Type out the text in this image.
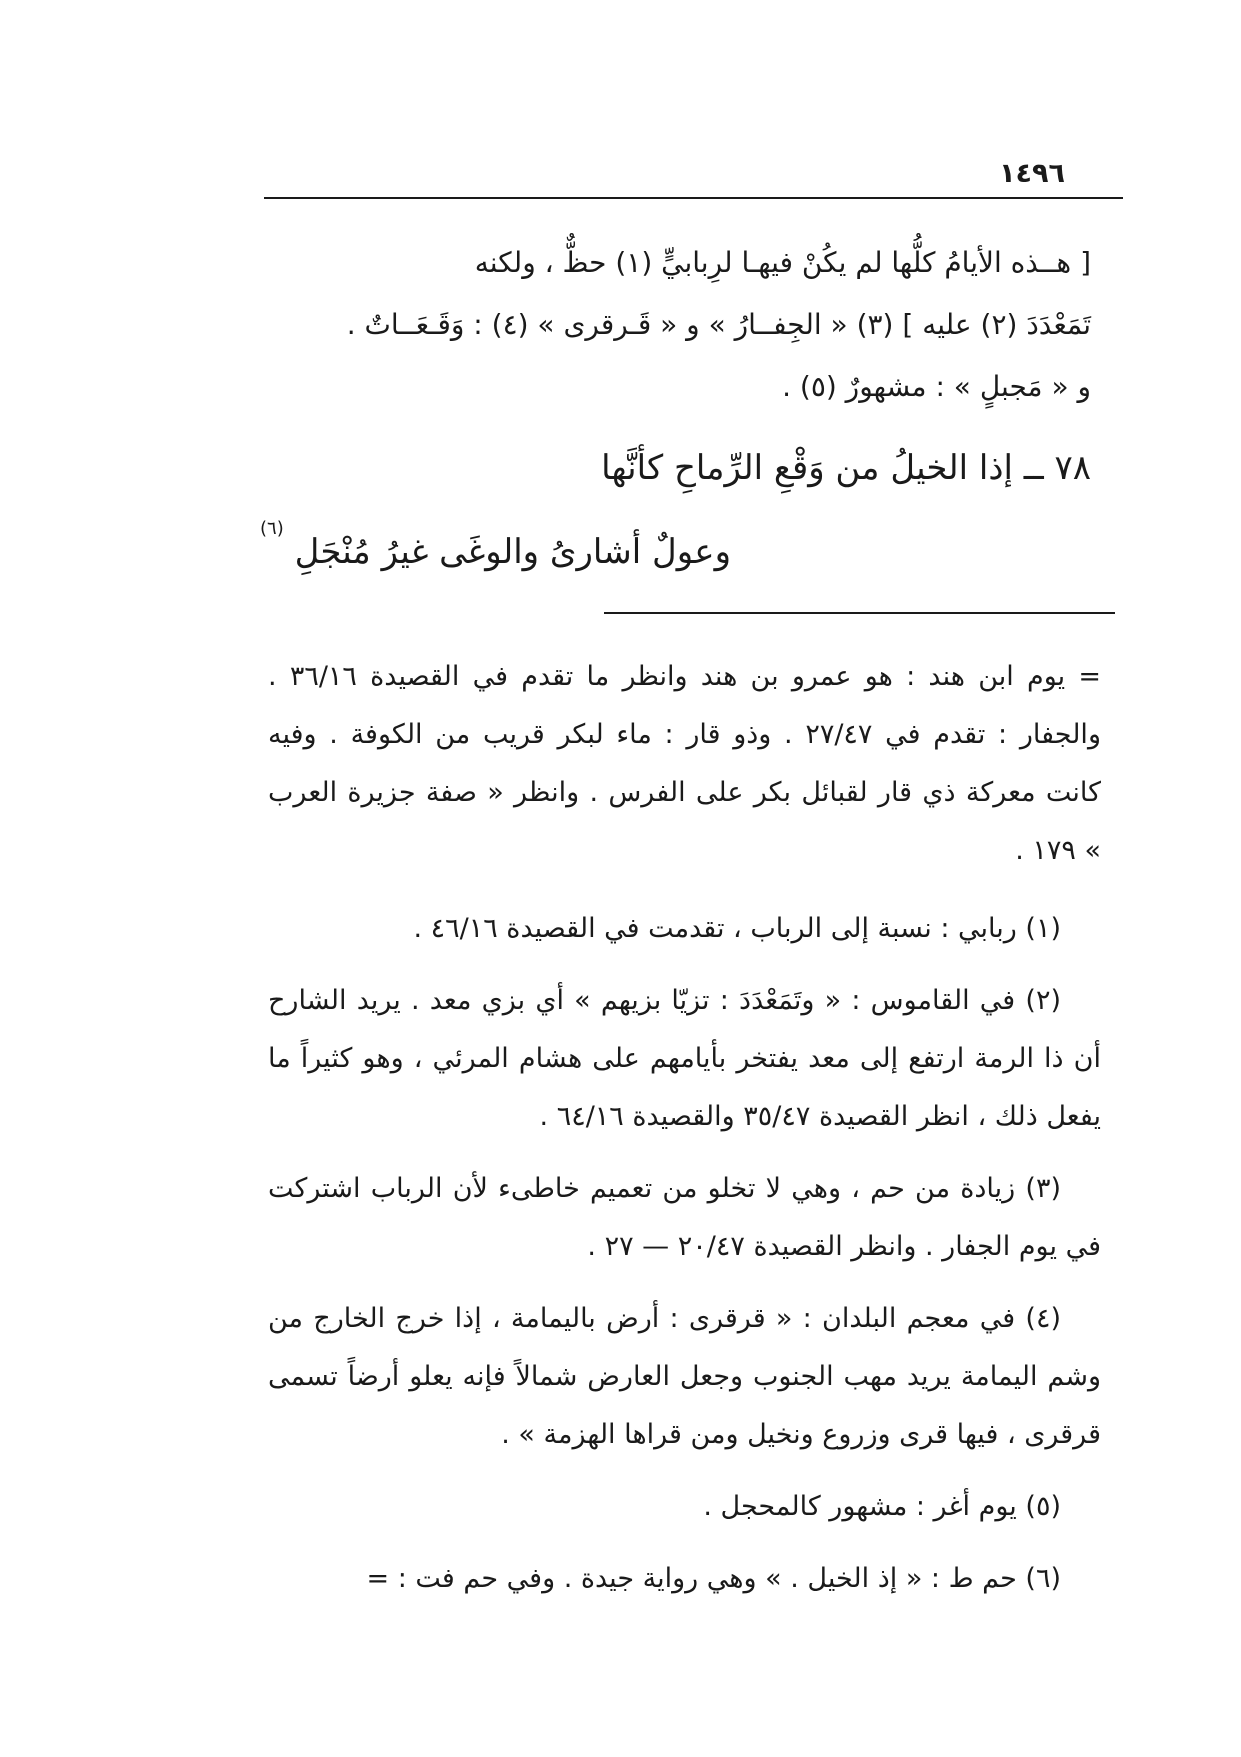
١٤٩٦

[ هــذه الأيامُ كلُّها لم يكُنْ فيهـا لرِبابيٍّ (١) حظٌّ ، ولكنه

تَمَعْدَدَ (٢) عليه ] (٣) « الجِفــارُ » و « قَـرقرى » (٤) : وَقَـعَــاتٌ .

و « مَجبلٍ » : مشهورٌ (٥) .

٧٨ ــ إذا الخيلُ من وَقْعِ الرِّماحِ كأنَّها
وعولٌ أشارىُ والوغَى غيرُ مُنْجَلِ
(٦)

= يوم ابن هند : هو عمرو بن هند وانظر ما تقدم في القصيدة ٣٦/١٦ . والجفار : تقدم في ٢٧/٤٧ . وذو قار : ماء لبكر قريب من الكوفة . وفيه كانت معركة ذي قار لقبائل بكر على الفرس . وانظر « صفة جزيرة العرب » ١٧٩ .

(١) ربابي : نسبة إلى الرباب ، تقدمت في القصيدة ٤٦/١٦ .

(٢) في القاموس : « وتَمَعْدَدَ : تزيّا بزيهم » أي بزي معد . يريد الشارح أن ذا الرمة ارتفع إلى معد يفتخر بأيامهم على هشام المرئي ، وهو كثيراً ما يفعل ذلك ، انظر القصيدة ٣٥/٤٧ والقصيدة ٦٤/١٦ .

(٣) زيادة من حم ، وهي لا تخلو من تعميم خاطىء لأن الرباب اشتركت في يوم الجفار . وانظر القصيدة ٢٠/٤٧ — ٢٧ .

(٤) في معجم البلدان : « قرقرى : أرض باليمامة ، إذا خرج الخارج من وشم اليمامة يريد مهب الجنوب وجعل العارض شمالاً فإنه يعلو أرضاً تسمى قرقرى ، فيها قرى وزروع ونخيل ومن قراها الهزمة » .

(٥) يوم أغر : مشهور كالمحجل .

(٦) حم ط : « إذ الخيل . » وهي رواية جيدة . وفي حم فت : =
